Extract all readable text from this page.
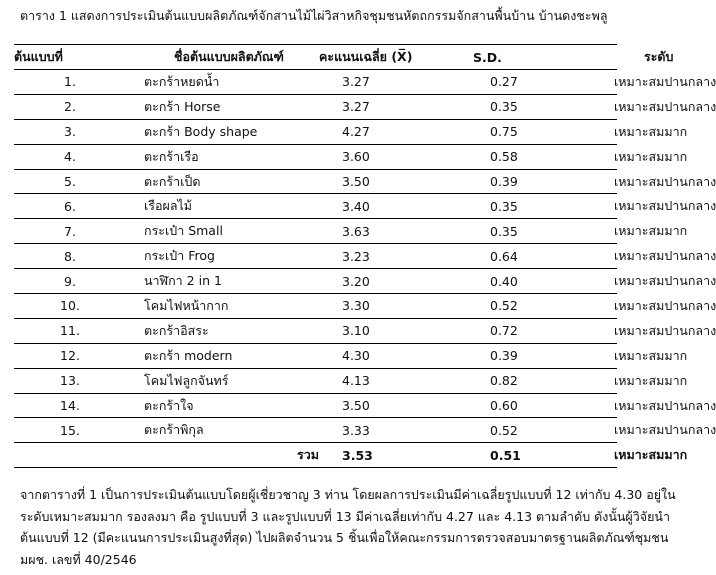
ตาราง 1 แสดงการประเมินต้นแบบผลิตภัณฑ์จักสานไม้ไผ่วิสาหกิจชุมชนหัตถกรรมจักสานพื้นบ้าน บ้านดงชะพลู
ต้นแบบที่	ชื่อต้นแบบผลิตภัณฑ์	คะแนนเฉลี่ย (X̅)	S.D.	ระดับ
1.	ตะกร้าหยดน้ำ	3.27	0.27	เหมาะสมปานกลาง
2.	ตะกร้า Horse	3.27	0.35	เหมาะสมปานกลาง
3.	ตะกร้า Body shape	4.27	0.75	เหมาะสมมาก
4.	ตะกร้าเรือ	3.60	0.58	เหมาะสมมาก
5.	ตะกร้าเป็ด	3.50	0.39	เหมาะสมปานกลาง
6.	เรือผลไม้	3.40	0.35	เหมาะสมปานกลาง
7.	กระเป๋า Small	3.63	0.35	เหมาะสมมาก
8.	กระเป๋า Frog	3.23	0.64	เหมาะสมปานกลาง
9.	นาฬิกา 2 in 1	3.20	0.40	เหมาะสมปานกลาง
10.	โคมไฟหน้ากาก	3.30	0.52	เหมาะสมปานกลาง
11.	ตะกร้าอิสระ	3.10	0.72	เหมาะสมปานกลาง
12.	ตะกร้า modern	4.30	0.39	เหมาะสมมาก
13.	โคมไฟลูกจันทร์	4.13	0.82	เหมาะสมมาก
14.	ตะกร้าใจ	3.50	0.60	เหมาะสมปานกลาง
15.	ตะกร้าพิกุล	3.33	0.52	เหมาะสมปานกลาง
	รวม	3.53	0.51	เหมาะสมมาก
จากตารางที่ 1 เป็นการประเมินต้นแบบโดยผู้เชี่ยวชาญ 3 ท่าน โดยผลการประเมินมีค่าเฉลี่ยรูปแบบที่ 12 เท่ากับ 4.30 อยู่ใน
ระดับเหมาะสมมาก รองลงมา คือ รูปแบบที่ 3 และรูปแบบที่ 13 มีค่าเฉลี่ยเท่ากับ 4.27 และ 4.13 ตามลำดับ ดังนั้นผู้วิจัยนำ
ต้นแบบที่ 12 (มีคะแนนการประเมินสูงที่สุด) ไปผลิตจำนวน 5 ชิ้นเพื่อให้คณะกรรมการตรวจสอบมาตรฐานผลิตภัณฑ์ชุมชน
มผช. เลขที่ 40/2546
